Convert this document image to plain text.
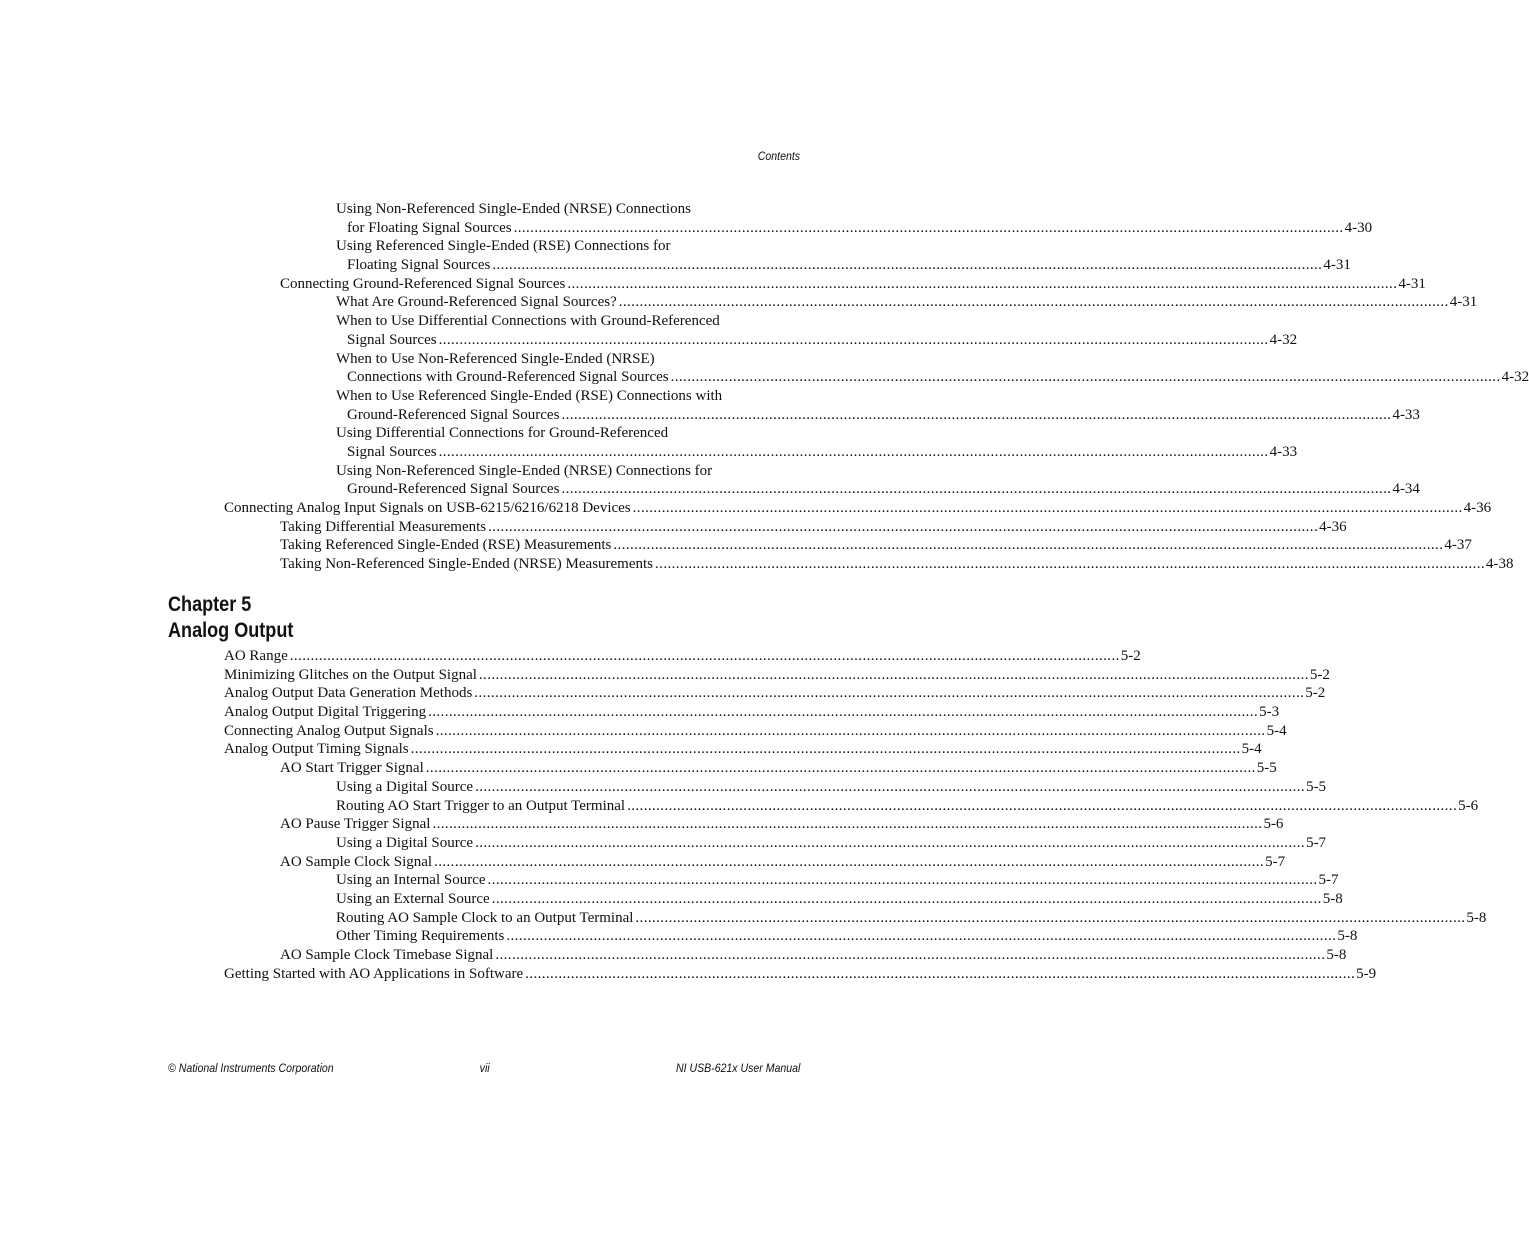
Contents
Using Non-Referenced Single-Ended (NRSE) Connections
for Floating Signal Sources ........................................................................................................................................................................................................ 4-30
Using Referenced Single-Ended (RSE) Connections for
Floating Signal Sources ........................................................................................................................................................................................................ 4-31
Connecting Ground-Referenced Signal Sources ........................................................................................................................................................................................................ 4-31
What Are Ground-Referenced Signal Sources? ........................................................................................................................................................................................................ 4-31
When to Use Differential Connections with Ground-Referenced
Signal Sources ........................................................................................................................................................................................................ 4-32
When to Use Non-Referenced Single-Ended (NRSE)
Connections with Ground-Referenced Signal Sources ........................................................................................................................................................................................................ 4-32
When to Use Referenced Single-Ended (RSE) Connections with
Ground-Referenced Signal Sources ........................................................................................................................................................................................................ 4-33
Using Differential Connections for Ground-Referenced
Signal Sources ........................................................................................................................................................................................................ 4-33
Using Non-Referenced Single-Ended (NRSE) Connections for
Ground-Referenced Signal Sources ........................................................................................................................................................................................................ 4-34
Connecting Analog Input Signals on USB-6215/6216/6218 Devices ........................................................................................................................................................................................................ 4-36
Taking Differential Measurements ........................................................................................................................................................................................................ 4-36
Taking Referenced Single-Ended (RSE) Measurements ........................................................................................................................................................................................................ 4-37
Taking Non-Referenced Single-Ended (NRSE) Measurements ........................................................................................................................................................................................................ 4-38
Chapter 5
Analog Output
AO Range ........................................................................................................................................................................................................ 5-2
Minimizing Glitches on the Output Signal ........................................................................................................................................................................................................ 5-2
Analog Output Data Generation Methods ........................................................................................................................................................................................................ 5-2
Analog Output Digital Triggering ........................................................................................................................................................................................................ 5-3
Connecting Analog Output Signals ........................................................................................................................................................................................................ 5-4
Analog Output Timing Signals ........................................................................................................................................................................................................ 5-4
AO Start Trigger Signal ........................................................................................................................................................................................................ 5-5
Using a Digital Source ........................................................................................................................................................................................................ 5-5
Routing AO Start Trigger to an Output Terminal ........................................................................................................................................................................................................ 5-6
AO Pause Trigger Signal ........................................................................................................................................................................................................ 5-6
Using a Digital Source ........................................................................................................................................................................................................ 5-7
AO Sample Clock Signal ........................................................................................................................................................................................................ 5-7
Using an Internal Source ........................................................................................................................................................................................................ 5-7
Using an External Source ........................................................................................................................................................................................................ 5-8
Routing AO Sample Clock to an Output Terminal ........................................................................................................................................................................................................ 5-8
Other Timing Requirements ........................................................................................................................................................................................................ 5-8
AO Sample Clock Timebase Signal ........................................................................................................................................................................................................ 5-8
Getting Started with AO Applications in Software ........................................................................................................................................................................................................ 5-9
© National Instruments Corporation	vii	NI USB-621x User Manual
